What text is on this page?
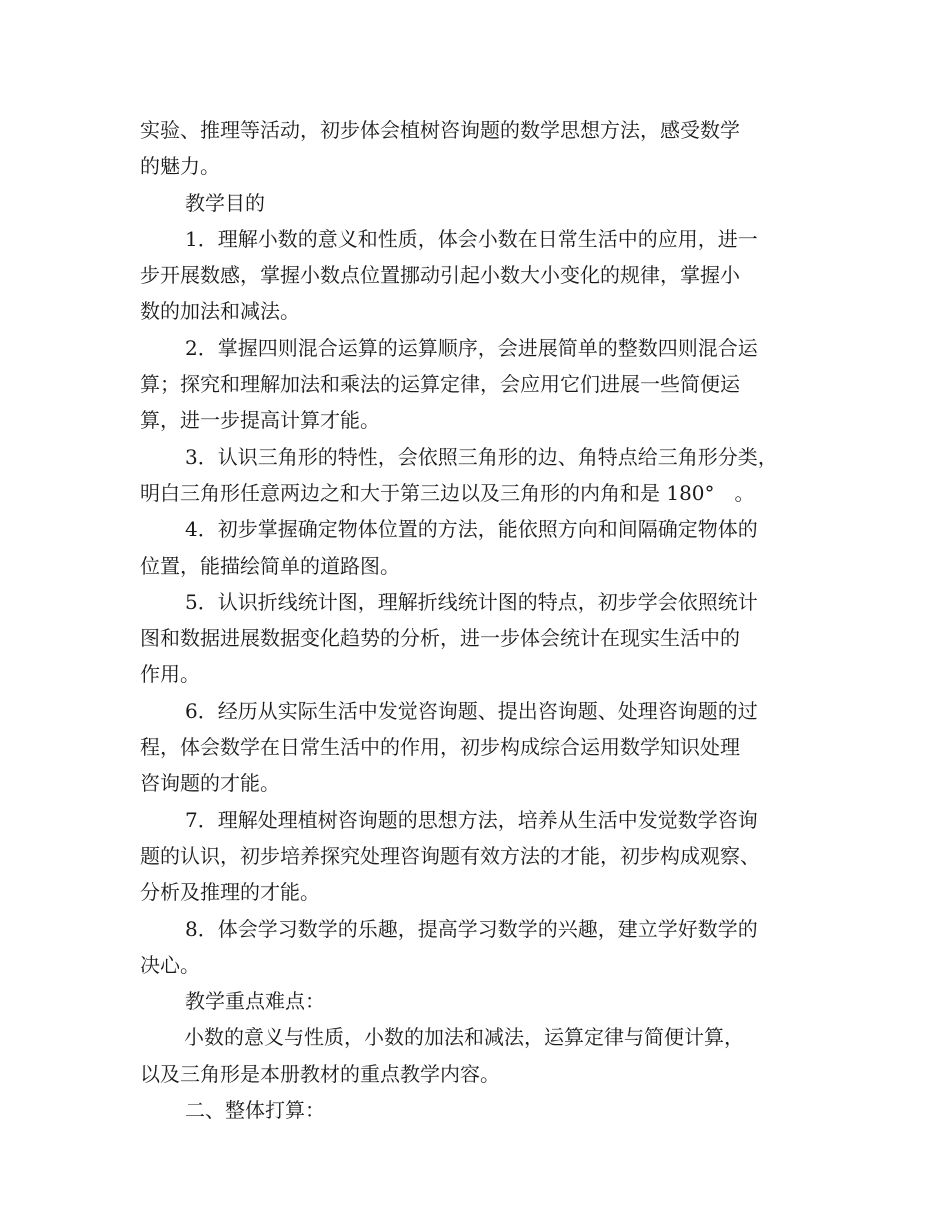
实验、推理等活动，初步体会植树咨询题的数学思想方法，感受数学
的魅力。
教学目的
1．理解小数的意义和性质，体会小数在日常生活中的应用，进一
步开展数感，掌握小数点位置挪动引起小数大小变化的规律，掌握小
数的加法和减法。
2．掌握四则混合运算的运算顺序，会进展简单的整数四则混合运
算；探究和理解加法和乘法的运算定律，会应用它们进展一些简便运
算，进一步提高计算才能。
3．认识三角形的特性，会依照三角形的边、角特点给三角形分类，
明白三角形任意两边之和大于第三边以及三角形的内角和是 180°　。
4．初步掌握确定物体位置的方法，能依照方向和间隔确定物体的
位置，能描绘简单的道路图。
5．认识折线统计图，理解折线统计图的特点，初步学会依照统计
图和数据进展数据变化趋势的分析，进一步体会统计在现实生活中的
作用。
6．经历从实际生活中发觉咨询题、提出咨询题、处理咨询题的过
程，体会数学在日常生活中的作用，初步构成综合运用数学知识处理
咨询题的才能。
7．理解处理植树咨询题的思想方法，培养从生活中发觉数学咨询
题的认识，初步培养探究处理咨询题有效方法的才能，初步构成观察、
分析及推理的才能。
8．体会学习数学的乐趣，提高学习数学的兴趣，建立学好数学的
决心。
教学重点难点：
小数的意义与性质，小数的加法和减法，运算定律与简便计算，
以及三角形是本册教材的重点教学内容。
二、整体打算：
